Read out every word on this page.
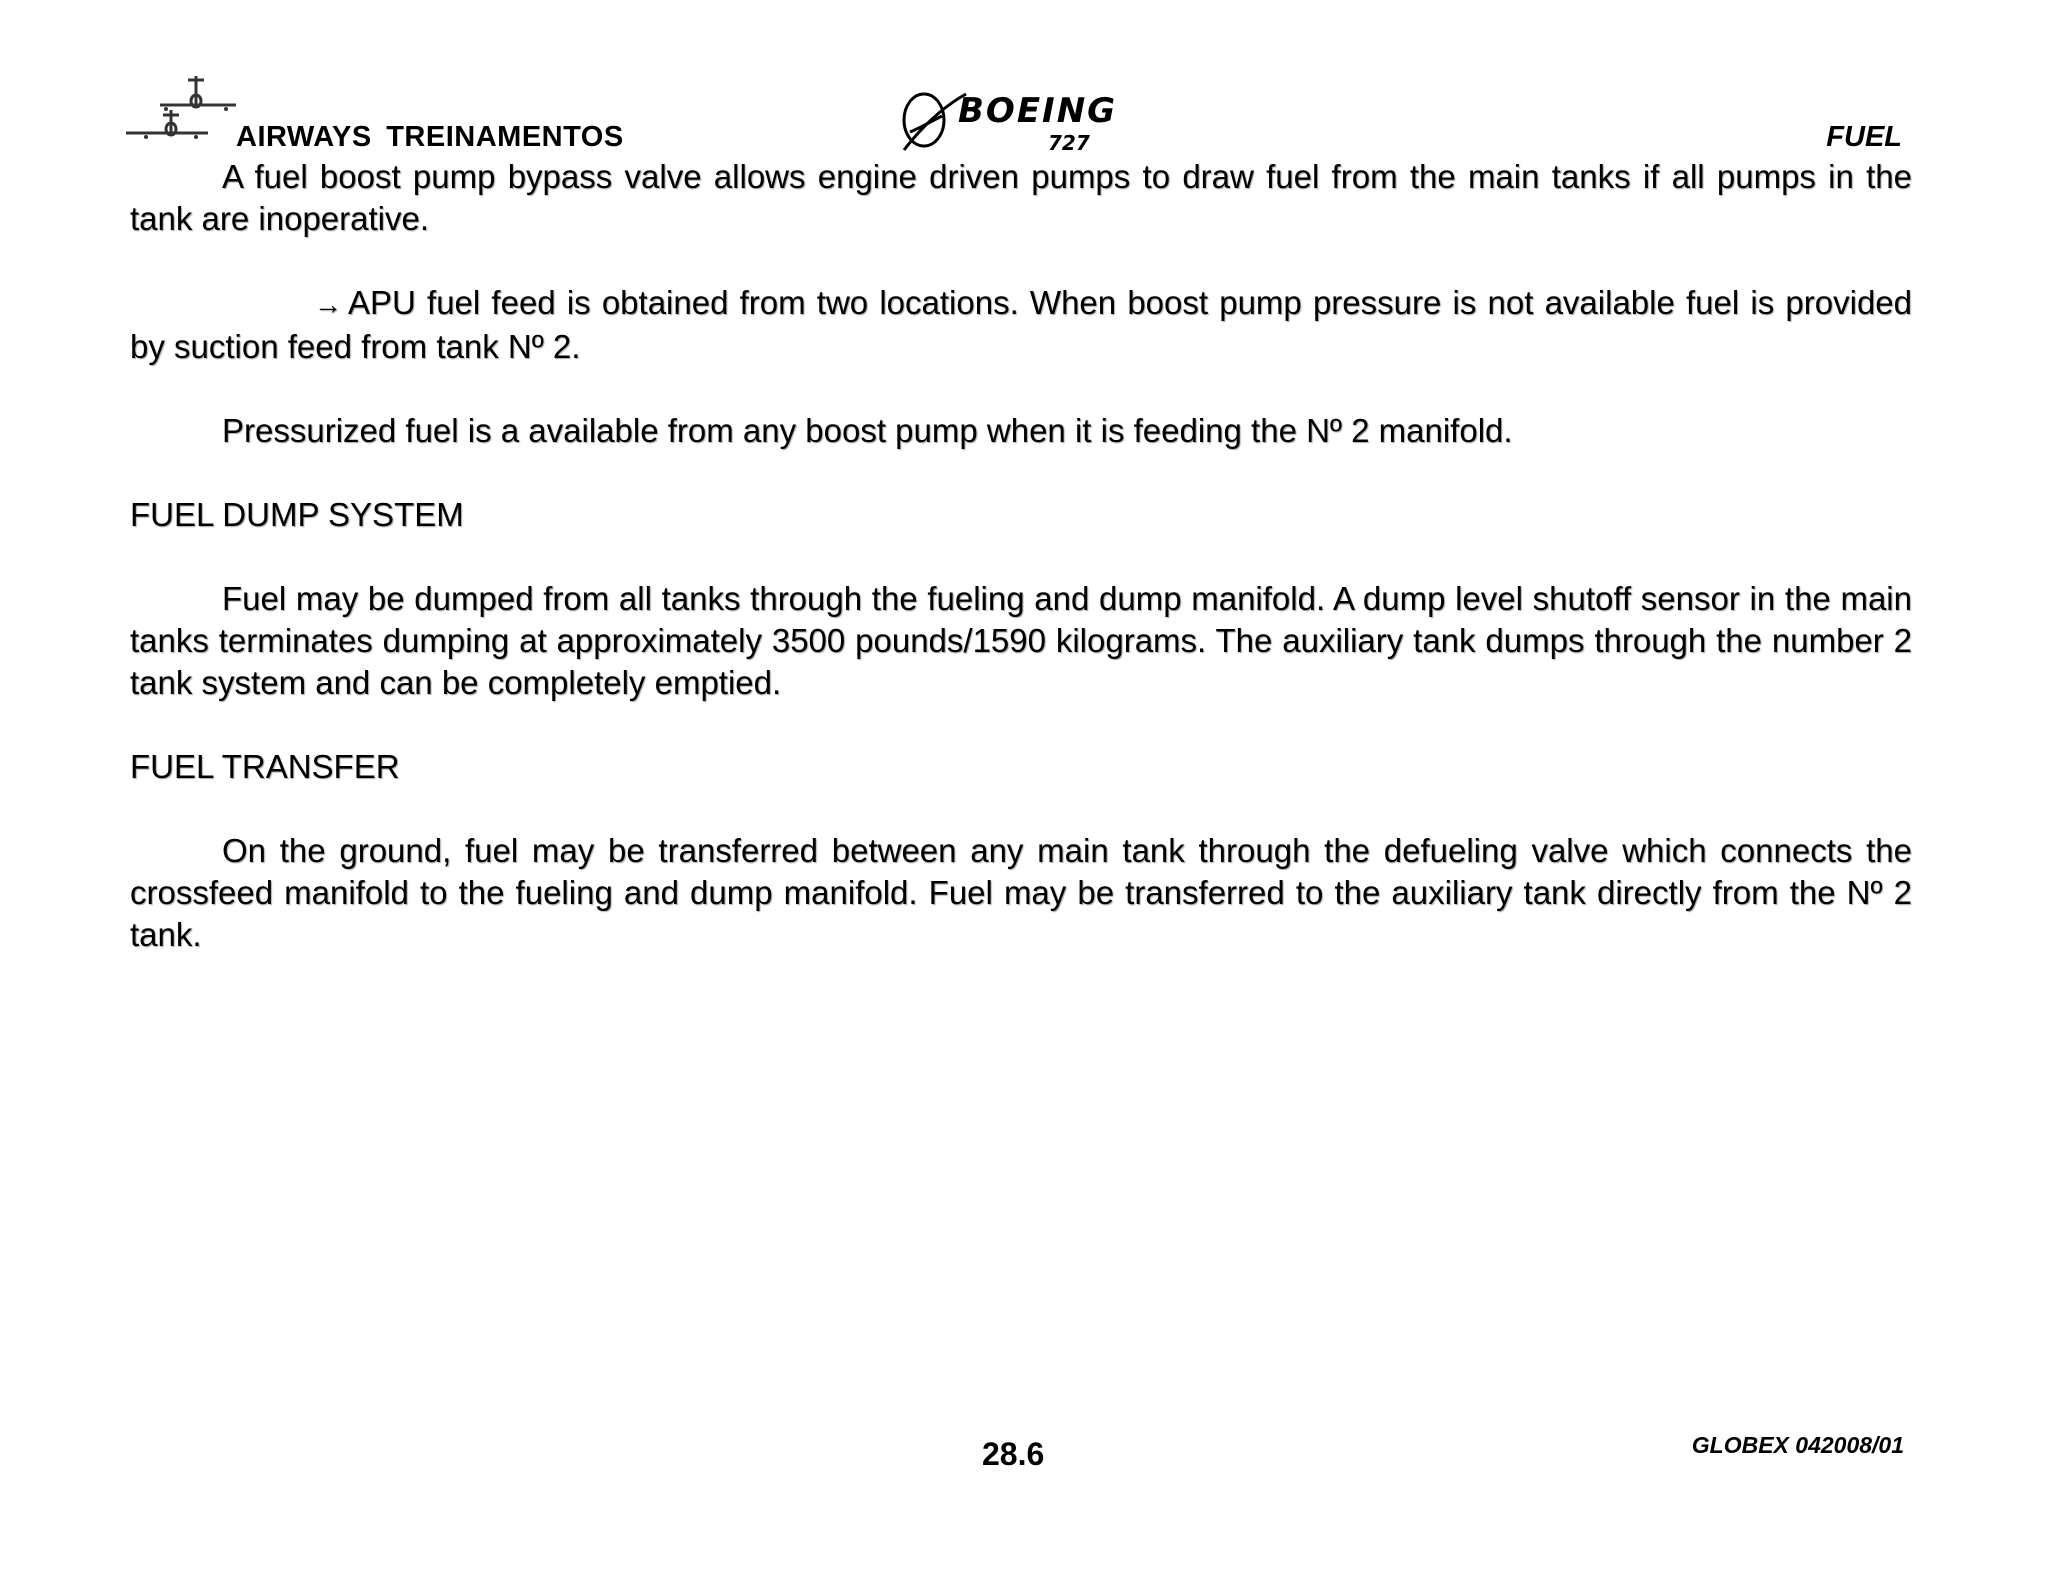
AIRWAYS TREINAMENTOS
BOEING
727	FUEL

A fuel boost pump bypass valve allows engine driven pumps to draw fuel from the main tanks if all pumps in the tank are inoperative.

→ APU fuel feed is obtained from two locations. When boost pump pressure is not available fuel is provided by suction feed from tank Nº 2.

Pressurized fuel is a available from any boost pump when it is feeding the Nº 2 manifold.

FUEL DUMP SYSTEM

Fuel may be dumped from all tanks through the fueling and dump manifold. A dump level shutoff sensor in the main tanks terminates dumping at approximately 3500 pounds/1590 kilograms. The auxiliary tank dumps through the number 2 tank system and can be completely emptied.

FUEL TRANSFER

On the ground, fuel may be transferred between any main tank through the defueling valve which connects the crossfeed manifold to the fueling and dump manifold. Fuel may be transferred to the auxiliary tank directly from the Nº 2 tank.

28.6	GLOBEX 042008/01
